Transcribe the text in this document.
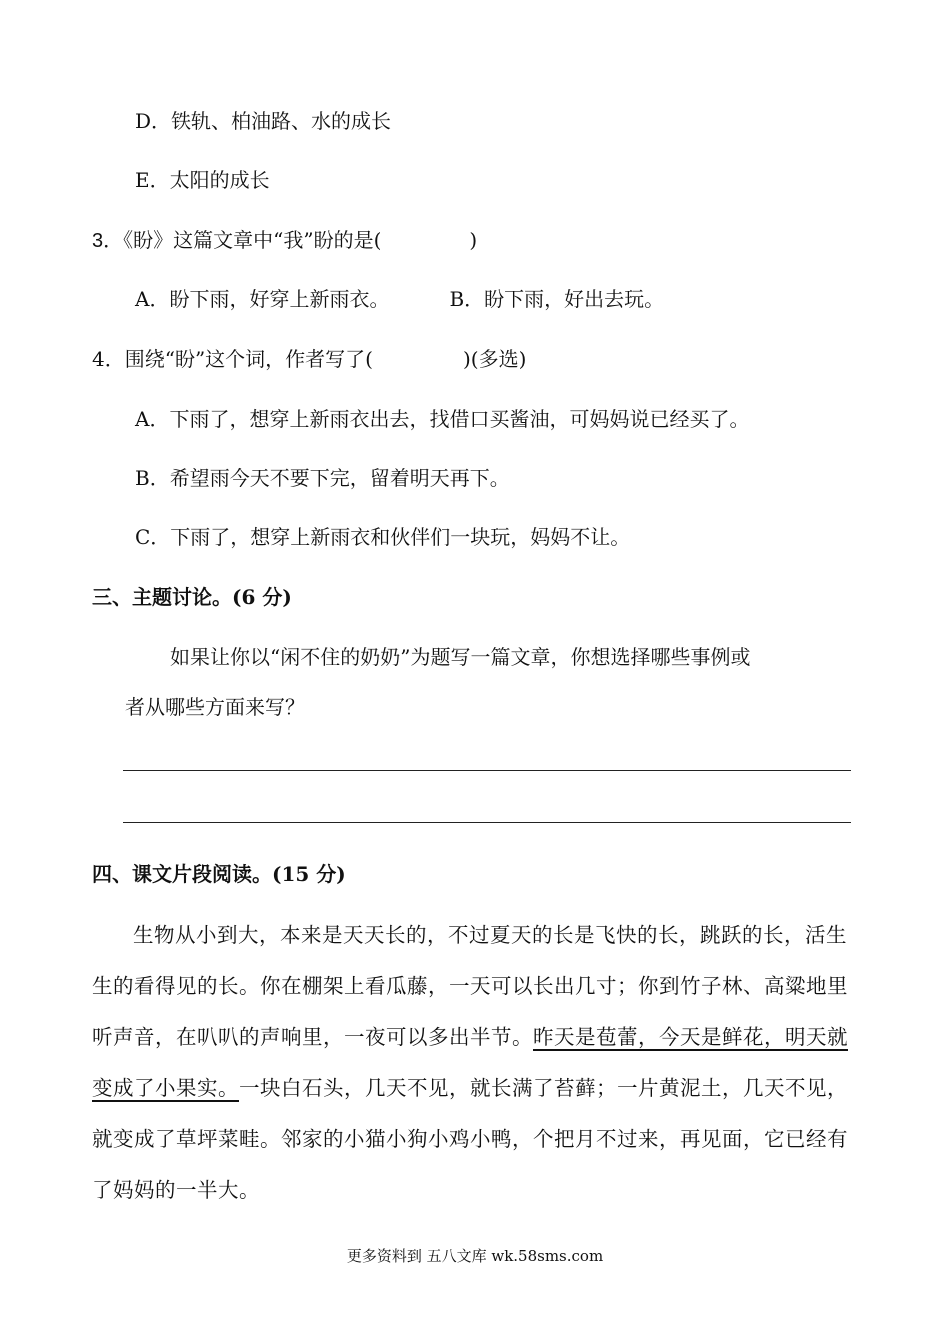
D．铁轨、柏油路、水的成长
E．太阳的成长
3．《盼》这篇文章中“我”盼的是(	)
A．盼下雨，好穿上新雨衣。	B．盼下雨，好出去玩。
4．围绕“盼”这个词，作者写了(	)(多选)
A．下雨了，想穿上新雨衣出去，找借口买酱油，可妈妈说已经买了。
B．希望雨今天不要下完，留着明天再下。
C．下雨了，想穿上新雨衣和伙伴们一块玩，妈妈不让。
三、主题讨论。(6 分)
如果让你以“闲不住的奶奶”为题写一篇文章，你想选择哪些事例或
者从哪些方面来写？
四、课文片段阅读。(15 分)
生物从小到大，本来是天天长的，不过夏天的长是飞快的长，跳跃的长，活生生的看得见的长。你在棚架上看瓜藤，一天可以长出几寸；你到竹子林、高粱地里听声音，在叭叭的声响里，一夜可以多出半节。昨天是苞蕾，今天是鲜花，明天就变成了小果实。一块白石头，几天不见，就长满了苔藓；一片黄泥土，几天不见，就变成了草坪菜畦。邻家的小猫小狗小鸡小鸭，个把月不过来，再见面，它已经有了妈妈的一半大。
更多资料到 五八文库 wk.58sms.com
